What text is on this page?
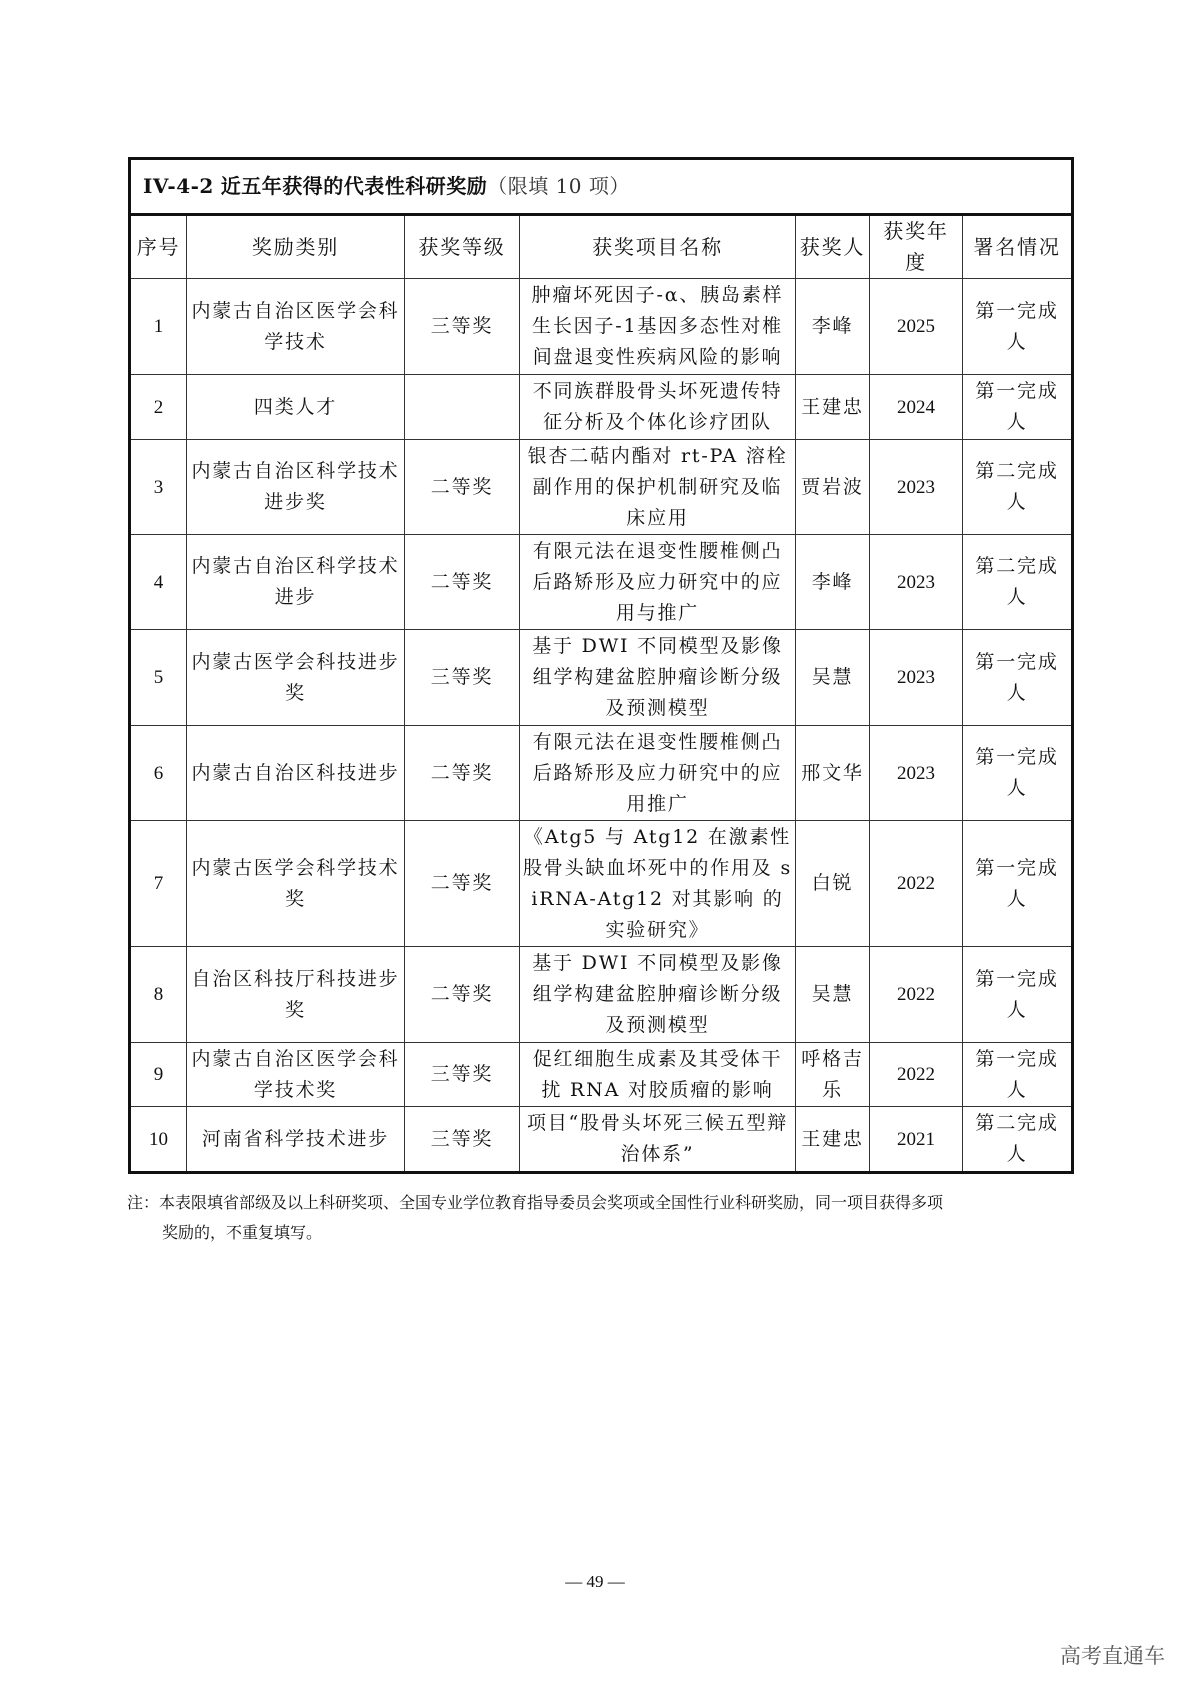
IV-4-2 近五年获得的代表性科研奖励（限填 10 项）						
序号	奖励类别	获奖等级	获奖项目名称	获奖人	获奖年度	署名情况
1	内蒙古自治区医学会科学技术	三等奖	肿瘤坏死因子-α、胰岛素样生长因子-1基因多态性对椎间盘退变性疾病风险的影响	李峰	2025	第一完成人
2	四类人才		不同族群股骨头坏死遗传特征分析及个体化诊疗团队	王建忠	2024	第一完成人
3	内蒙古自治区科学技术进步奖	二等奖	银杏二萜内酯对 rt-PA 溶栓副作用的保护机制研究及临床应用	贾岩波	2023	第二完成人
4	内蒙古自治区科学技术进步	二等奖	有限元法在退变性腰椎侧凸后路矫形及应力研究中的应用与推广	李峰	2023	第二完成人
5	内蒙古医学会科技进步奖	三等奖	基于 DWI 不同模型及影像组学构建盆腔肿瘤诊断分级及预测模型	吴慧	2023	第一完成人
6	内蒙古自治区科技进步	二等奖	有限元法在退变性腰椎侧凸后路矫形及应力研究中的应用推广	邢文华	2023	第一完成人
7	内蒙古医学会科学技术奖	二等奖	《Atg5 与 Atg12 在激素性股骨头缺血坏死中的作用及 siRNA-Atg12 对其影响 的实验研究》	白锐	2022	第一完成人
8	自治区科技厅科技进步奖	二等奖	基于 DWI 不同模型及影像组学构建盆腔肿瘤诊断分级及预测模型	吴慧	2022	第一完成人
9	内蒙古自治区医学会科学技术奖	三等奖	促红细胞生成素及其受体干扰 RNA 对胶质瘤的影响	呼格吉乐	2022	第一完成人
10	河南省科学技术进步	三等奖	项目“股骨头坏死三候五型辩治体系”	王建忠	2021	第二完成人
注：本表限填省部级及以上科研奖项、全国专业学位教育指导委员会奖项或全国性行业科研奖励，同一项目获得多项
奖励的，不重复填写。
— 49 —
高考直通车
